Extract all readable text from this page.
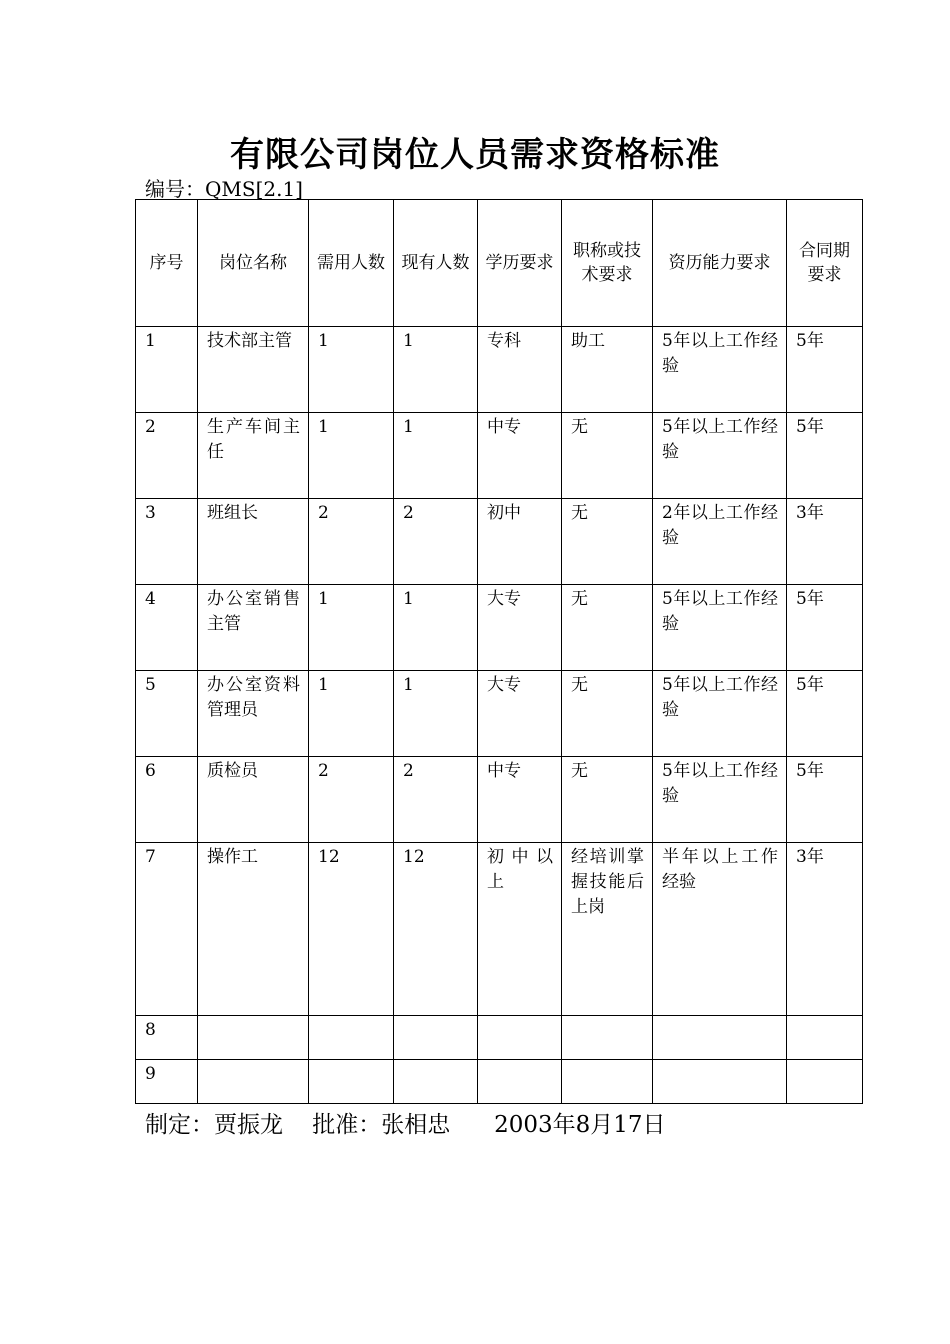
有限公司岗位人员需求资格标准
编号：QMS[2.1]
序号	岗位名称	需用人数	现有人数	学历要求	职称或技术要求	资历能力要求	合同期要求
1	技术部主管	1	1	专科	助工	5年以上工作经验	5年
2	生产车间主任	1	1	中专	无	5年以上工作经验	5年
3	班组长	2	2	初中	无	2年以上工作经验	3年
4	办公室销售主管	1	1	大专	无	5年以上工作经验	5年
5	办公室资料管理员	1	1	大专	无	5年以上工作经验	5年
6	质检员	2	2	中专	无	5年以上工作经验	5年
7	操作工	12	12	初中以上	经培训掌握技能后上岗	半年以上工作经验	3年
8							
9							
制定：贾振龙    批准：张相忠      2003年8月17日
